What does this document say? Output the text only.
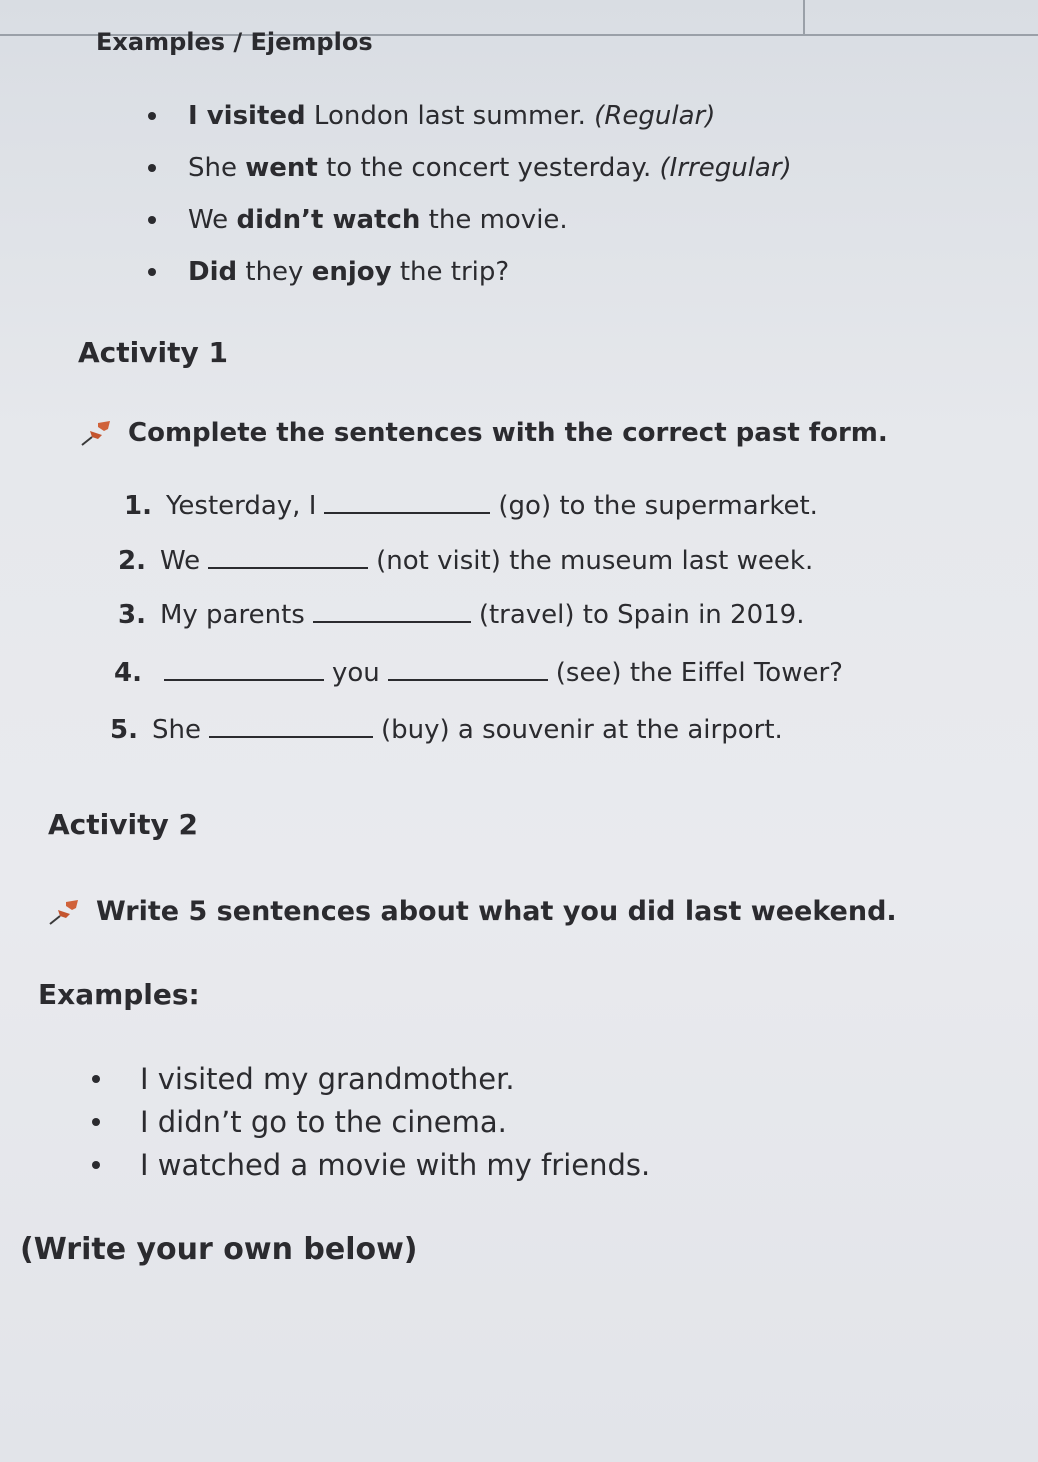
Examples / Ejemplos
I visited London last summer. (Regular)
She went to the concert yesterday. (Irregular)
We didn’t watch the movie.
Did they enjoy the trip?
Activity 1
Complete the sentences with the correct past form.
1. Yesterday, I	(go) to the supermarket.
2. We	(not visit) the museum last week.
3. My parents	(travel) to Spain in 2019.
4.	you	(see) the Eiffel Tower?
5. She	(buy) a souvenir at the airport.
Activity 2
Write 5 sentences about what you did last weekend.
Examples:
I visited my grandmother.
I didn’t go to the cinema.
I watched a movie with my friends.
(Write your own below)
